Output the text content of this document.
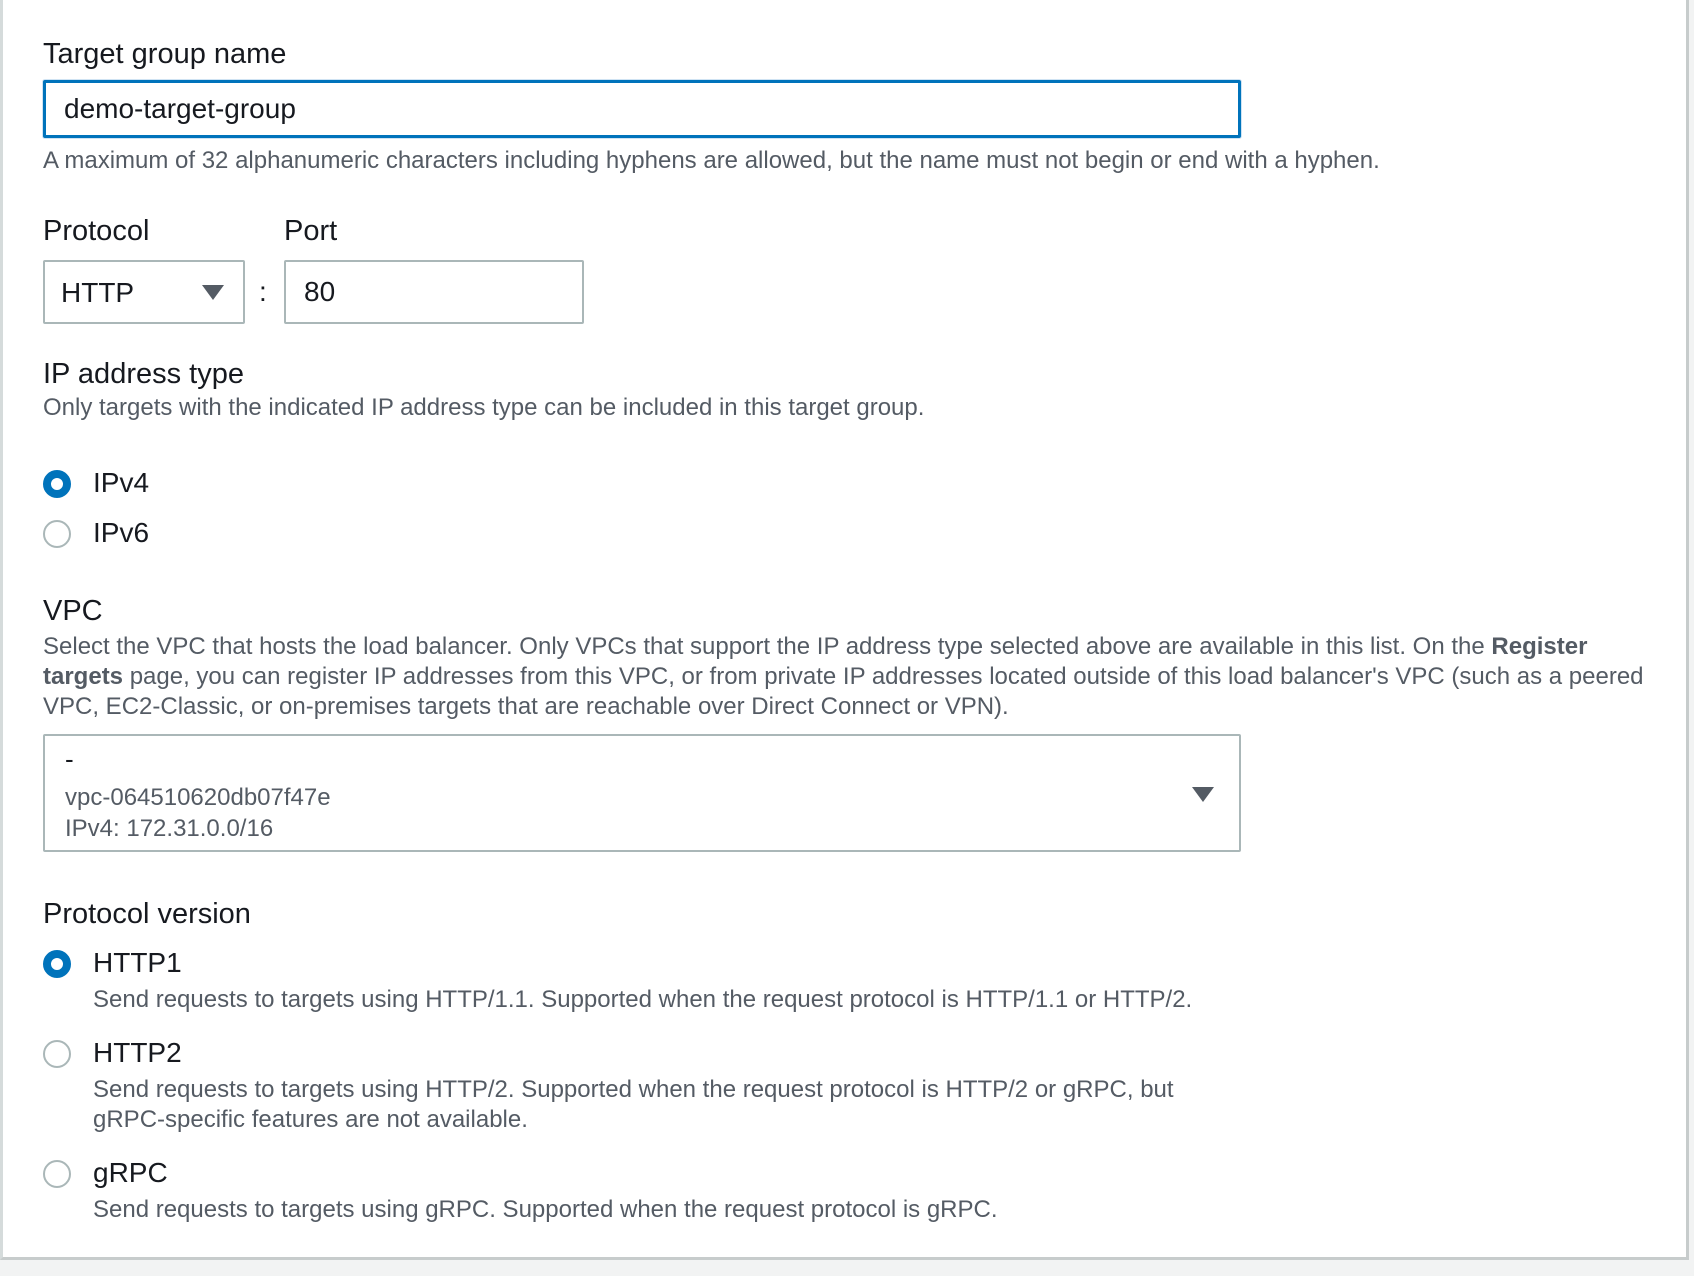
Target group name
demo-target-group
A maximum of 32 alphanumeric characters including hyphens are allowed, but the name must not begin or end with a hyphen.
Protocol	Port
HTTP	:
80
IP address type
Only targets with the indicated IP address type can be included in this target group.
IPv4
IPv6
VPC
Select the VPC that hosts the load balancer. Only VPCs that support the IP address type selected above are available in this list. On the Register targets page, you can register IP addresses from this VPC, or from private IP addresses located outside of this load balancer's VPC (such as a peered VPC, EC2-Classic, or on-premises targets that are reachable over Direct Connect or VPN).
-
vpc-064510620db07f47e
IPv4: 172.31.0.0/16
Protocol version
HTTP1
Send requests to targets using HTTP/1.1. Supported when the request protocol is HTTP/1.1 or HTTP/2.
HTTP2
Send requests to targets using HTTP/2. Supported when the request protocol is HTTP/2 or gRPC, but gRPC-specific features are not available.
gRPC
Send requests to targets using gRPC. Supported when the request protocol is gRPC.
